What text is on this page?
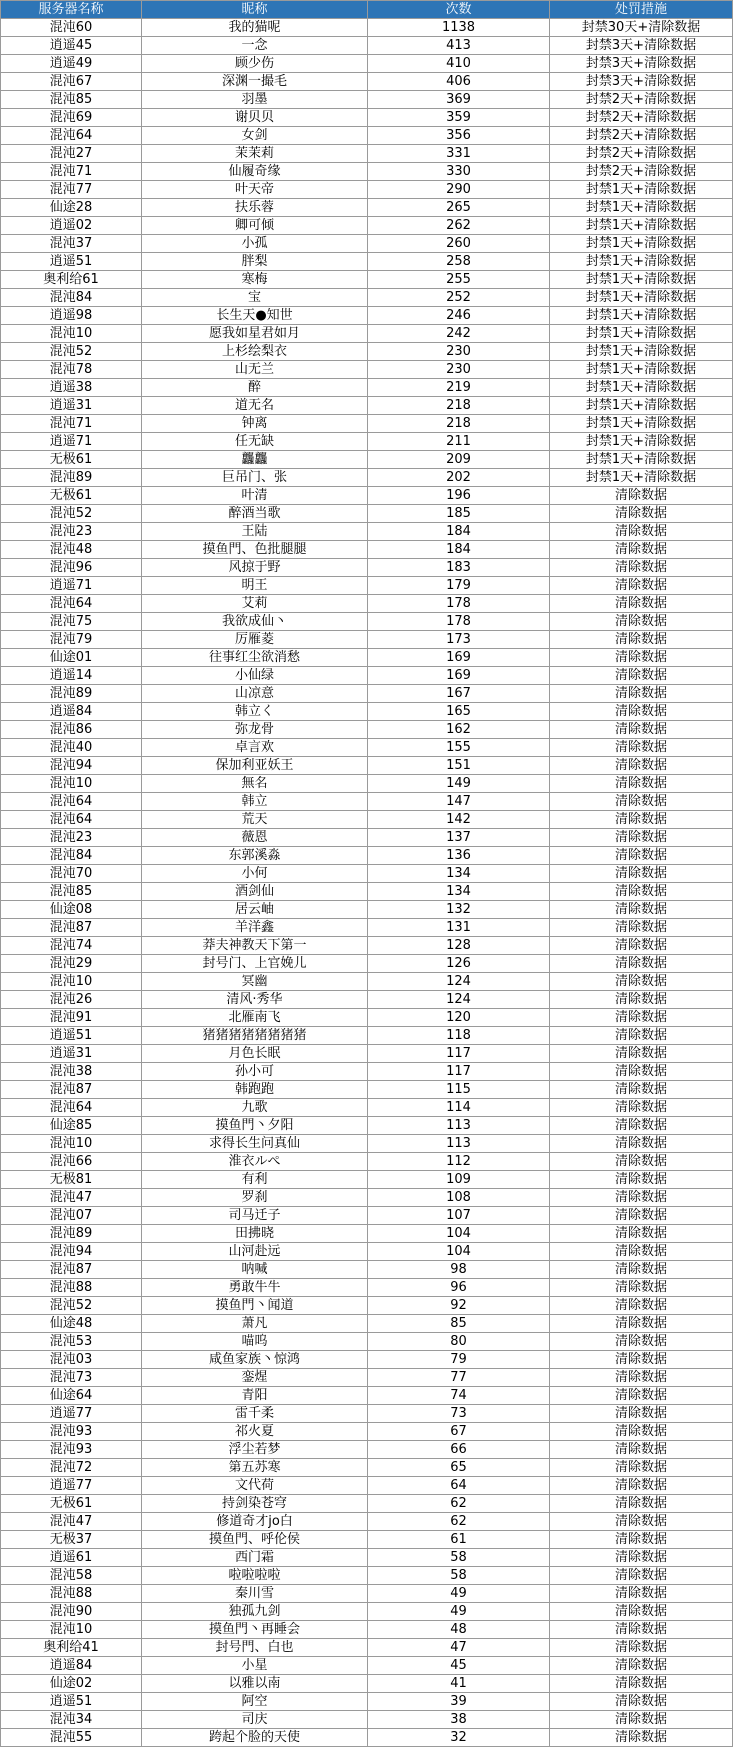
服务器名称	昵称	次数	处罚措施
混沌60	我的猫呢	1138	封禁30天+清除数据
逍遥45	一念	413	封禁3天+清除数据
逍遥49	顾少伤	410	封禁3天+清除数据
混沌67	深渊一撮毛	406	封禁3天+清除数据
混沌85	羽墨	369	封禁2天+清除数据
混沌69	谢贝贝	359	封禁2天+清除数据
混沌64	女剑	356	封禁2天+清除数据
混沌27	茉茉莉	331	封禁2天+清除数据
混沌71	仙履奇缘	330	封禁2天+清除数据
混沌77	叶天帝	290	封禁1天+清除数据
仙途28	扶乐蓉	265	封禁1天+清除数据
逍遥02	卿可倾	262	封禁1天+清除数据
混沌37	小孤	260	封禁1天+清除数据
逍遥51	胖梨	258	封禁1天+清除数据
奥利给61	寒梅	255	封禁1天+清除数据
混沌84	宝	252	封禁1天+清除数据
逍遥98	长生天●知世	246	封禁1天+清除数据
混沌10	愿我如星君如月	242	封禁1天+清除数据
混沌52	上杉绘梨衣	230	封禁1天+清除数据
混沌78	山无兰	230	封禁1天+清除数据
逍遥38	醉	219	封禁1天+清除数据
逍遥31	道无名	218	封禁1天+清除数据
混沌71	钟离	218	封禁1天+清除数据
逍遥71	任无缺	211	封禁1天+清除数据
无极61	龘龘	209	封禁1天+清除数据
混沌89	巨吊门、张	202	封禁1天+清除数据
无极61	叶清	196	清除数据
混沌52	醉酒当歌	185	清除数据
混沌23	王陆	184	清除数据
混沌48	摸鱼門、色批腿腿	184	清除数据
混沌96	风掠于野	183	清除数据
逍遥71	明王	179	清除数据
混沌64	艾莉	178	清除数据
混沌75	我欲成仙丶	178	清除数据
混沌79	厉雁菱	173	清除数据
仙途01	往事红尘欲消愁	169	清除数据
逍遥14	小仙绿	169	清除数据
混沌89	山凉意	167	清除数据
逍遥84	韩立く	165	清除数据
混沌86	弥龙骨	162	清除数据
混沌40	卓言欢	155	清除数据
混沌94	保加利亚妖王	151	清除数据
混沌10	無名	149	清除数据
混沌64	韩立	147	清除数据
混沌64	荒天	142	清除数据
混沌23	薇恩	137	清除数据
混沌84	东郭溪淼	136	清除数据
混沌70	小何	134	清除数据
混沌85	酒剑仙	134	清除数据
仙途08	居云岫	132	清除数据
混沌87	羊洋鑫	131	清除数据
混沌74	莽夫神教天下第一	128	清除数据
混沌29	封号门、上官娩儿	126	清除数据
混沌10	冥幽	124	清除数据
混沌26	清风·秀华	124	清除数据
混沌91	北雁南飞	120	清除数据
逍遥51	猪猪猪猪猪猪猪猪	118	清除数据
逍遥31	月色长眠	117	清除数据
混沌38	孙小可	117	清除数据
混沌87	韩跑跑	115	清除数据
混沌64	九歌	114	清除数据
仙途85	摸鱼門丶夕阳	113	清除数据
混沌10	求得长生问真仙	113	清除数据
混沌66	淮衣ルぺ	112	清除数据
无极81	有利	109	清除数据
混沌47	罗刹	108	清除数据
混沌07	司马迁子	107	清除数据
混沌89	田拂晓	104	清除数据
混沌94	山河赴远	104	清除数据
混沌87	呐喊	98	清除数据
混沌88	勇敢牛牛	96	清除数据
混沌52	摸鱼門丶闻道	92	清除数据
仙途48	萧凡	85	清除数据
混沌53	喵呜	80	清除数据
混沌03	咸鱼家族丶惊鸿	79	清除数据
混沌73	銮煋	77	清除数据
仙途64	青阳	74	清除数据
逍遥77	雷千柔	73	清除数据
混沌93	祁火夏	67	清除数据
混沌93	浮尘若梦	66	清除数据
混沌72	第五苏寒	65	清除数据
逍遥77	文代荷	64	清除数据
无极61	持剑染苍穹	62	清除数据
混沌47	修道奇才jo白	62	清除数据
无极37	摸鱼門、呼伦侯	61	清除数据
逍遥61	西门霜	58	清除数据
混沌58	啦啦啦啦	58	清除数据
混沌88	秦川雪	49	清除数据
混沌90	独孤九剑	49	清除数据
混沌10	摸鱼門丶再睡会	48	清除数据
奥利给41	封号門、白也	47	清除数据
逍遥84	小星	45	清除数据
仙途02	以雅以南	41	清除数据
逍遥51	阿空	39	清除数据
混沌34	司庆	38	清除数据
混沌55	跨起个脸的天使	32	清除数据
